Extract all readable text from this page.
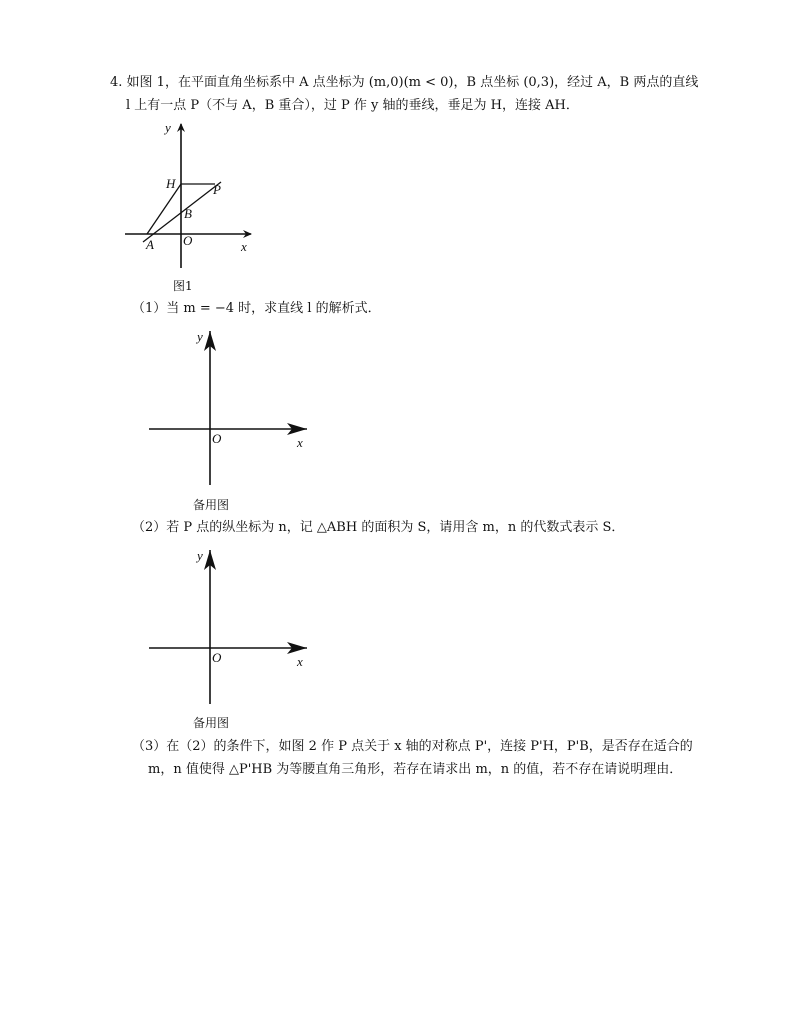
4. 如图 1，在平面直角坐标系中 A 点坐标为 (m,0)(m < 0)，B 点坐标 (0,3)，经过 A，B 两点的直线
l 上有一点 P（不与 A，B 重合），过 P 作 y 轴的垂线，垂足为 H，连接 AH．
y
H	P
B
A O	x
图1
（1）当 m = −4 时，求直线 l 的解析式．
y
O	x
备用图
（2）若 P 点的纵坐标为 n，记 △ABH 的面积为 S，请用含 m，n 的代数式表示 S．
y
O	x
备用图
（3）在（2）的条件下，如图 2 作 P 点关于 x 轴的对称点 P'，连接 P'H，P'B，是否存在适合的
m，n 值使得 △P'HB 为等腰直角三角形，若存在请求出 m，n 的值，若不存在请说明理由．
